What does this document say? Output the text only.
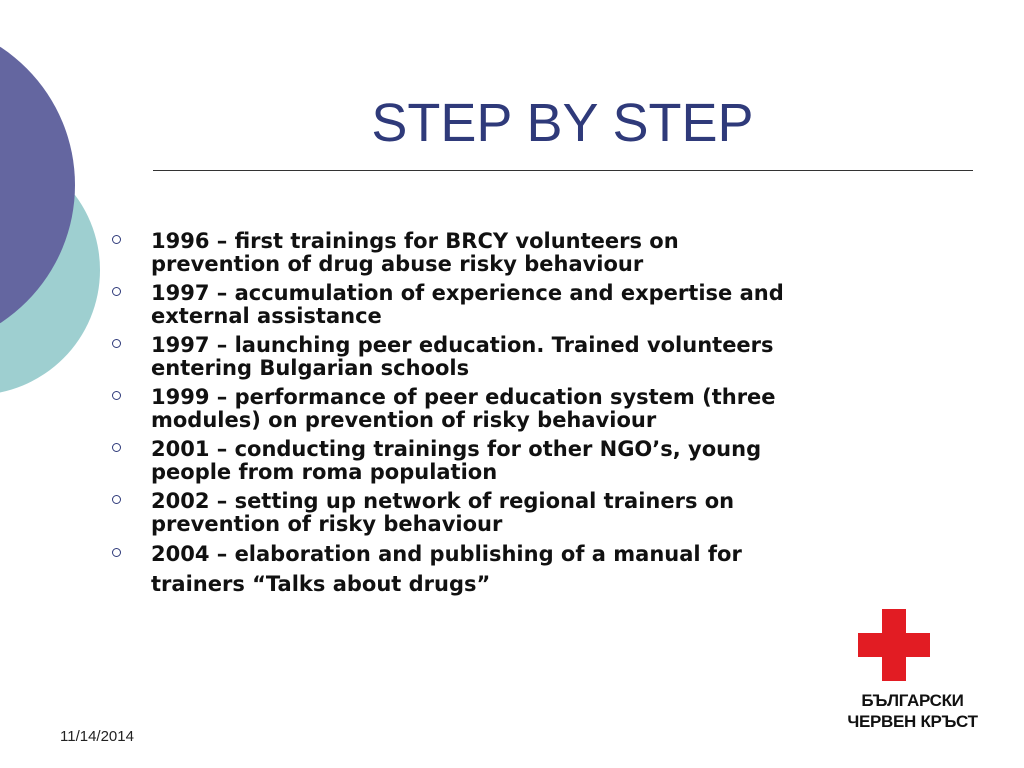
STEP BY STEP
1996 – first trainings for BRCY volunteers on
prevention of drug abuse risky behaviour
1997 – accumulation of experience and expertise and
external assistance
1997 – launching peer education. Trained volunteers
entering Bulgarian schools
1999 – performance of peer education system (three
modules) on prevention of risky behaviour
2001 – conducting trainings for other NGO’s, young
people from roma population
2002 – setting up network of regional trainers on
prevention of risky behaviour
2004 – elaboration and publishing of a manual for
trainers “Talks about drugs”
11/14/2014
БЪЛГАРСКИ
ЧЕРВЕН КРЪСТ
